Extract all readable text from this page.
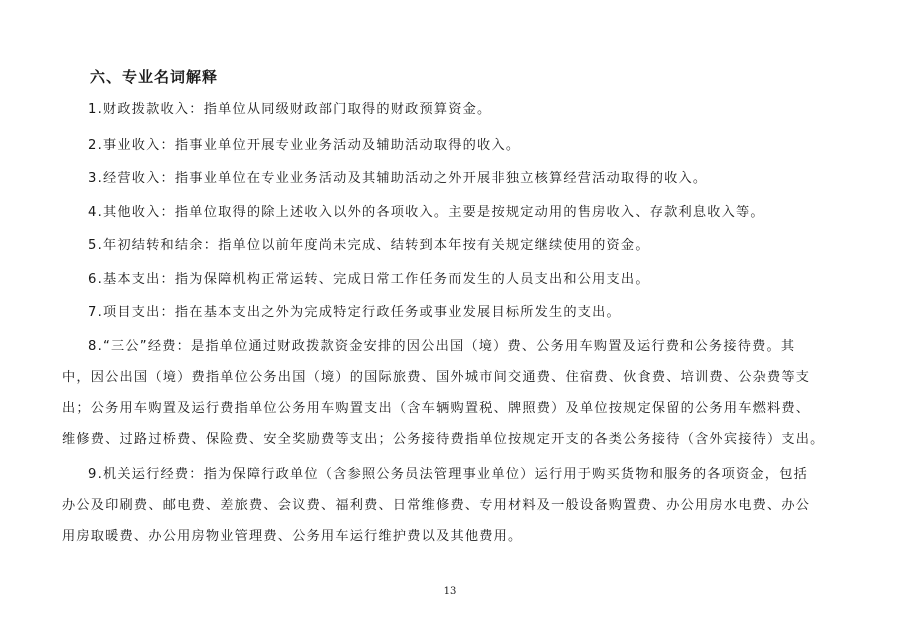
六、专业名词解释
1.财政拨款收入：指单位从同级财政部门取得的财政预算资金。
2.事业收入：指事业单位开展专业业务活动及辅助活动取得的收入。
3.经营收入：指事业单位在专业业务活动及其辅助活动之外开展非独立核算经营活动取得的收入。
4.其他收入：指单位取得的除上述收入以外的各项收入。主要是按规定动用的售房收入、存款利息收入等。
5.年初结转和结余：指单位以前年度尚未完成、结转到本年按有关规定继续使用的资金。
6.基本支出：指为保障机构正常运转、完成日常工作任务而发生的人员支出和公用支出。
7.项目支出：指在基本支出之外为完成特定行政任务或事业发展目标所发生的支出。
8.“三公”经费：是指单位通过财政拨款资金安排的因公出国（境）费、公务用车购置及运行费和公务接待费。其
中，因公出国（境）费指单位公务出国（境）的国际旅费、国外城市间交通费、住宿费、伙食费、培训费、公杂费等支
出；公务用车购置及运行费指单位公务用车购置支出（含车辆购置税、牌照费）及单位按规定保留的公务用车燃料费、
维修费、过路过桥费、保险费、安全奖励费等支出；公务接待费指单位按规定开支的各类公务接待（含外宾接待）支出。
9.机关运行经费：指为保障行政单位（含参照公务员法管理事业单位）运行用于购买货物和服务的各项资金，包括
办公及印刷费、邮电费、差旅费、会议费、福利费、日常维修费、专用材料及一般设备购置费、办公用房水电费、办公
用房取暖费、办公用房物业管理费、公务用车运行维护费以及其他费用。
13
